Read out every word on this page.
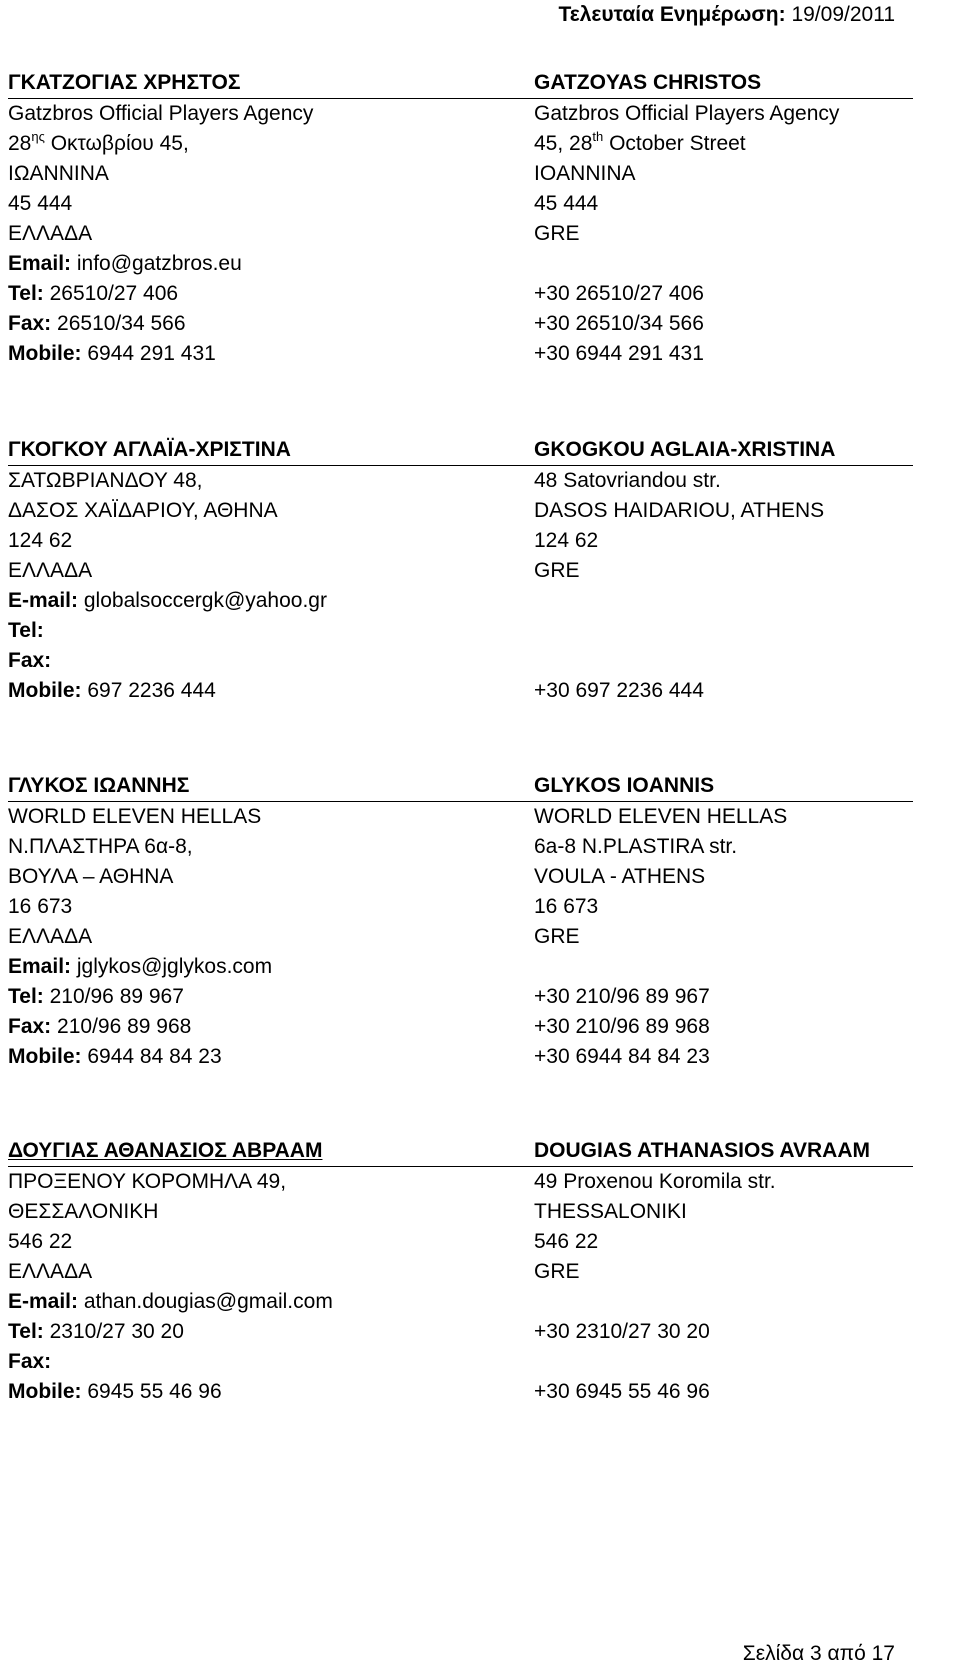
Τελευταία Ενημέρωση: 19/09/2011
ΓΚΑΤΖΟΓΙΑΣ ΧΡΗΣΤΟΣ	GATZOYAS CHRISTOS
Gatzbros Official Players Agency	Gatzbros Official Players Agency
$28^{\eta\varsigma}$ Οκτωβρίου 45,	45, 28th October Street
ΙΩΑΝΝΙΝΑ	IOANNINA
45 444	45 444
ΕΛΛΑΔΑ	GRE
Email: info@gatzbros.eu
Tel: 26510/27 406	+30 26510/27 406
Fax: 26510/34 566	+30 26510/34 566
Mobile: 6944 291 431	+30 6944 291 431
ΓΚΟΓΚΟΥ ΑΓΛΑΪΑ-ΧΡΙΣΤΙΝΑ	GKOGKOU AGLAIA-XRISTINA
ΣΑΤΩΒΡΙΑΝΔΟΥ 48,	48 Satovriandou str.
ΔΑΣΟΣ ΧΑΪΔΑΡΙΟΥ, ΑΘΗΝΑ	DASOS HAIDARIOU, ATHENS
124 62	124 62
ΕΛΛΑΔΑ	GRE
E-mail: globalsoccergk@yahoo.gr
Tel:
Fax:
Mobile: 697 2236 444	+30 697 2236 444
ΓΛΥΚΟΣ ΙΩΑΝΝΗΣ	GLYKOS IOANNIS
WORLD ELEVEN HELLAS	WORLD ELEVEN HELLAS
Ν.ΠΛΑΣΤΗΡΑ 6α-8,	6a-8 N.PLASTIRA str.
ΒΟΥΛΑ – ΑΘΗΝΑ	VOULA - ATHENS
16 673	16 673
ΕΛΛΑΔΑ	GRE
Email: jglykos@jglykos.com
Tel: 210/96 89 967	+30 210/96 89 967
Fax: 210/96 89 968	+30 210/96 89 968
Mobile: 6944 84 84 23	+30 6944 84 84 23
ΔΟΥΓΙΑΣ ΑΘΑΝΑΣΙΟΣ ΑΒΡΑΑΜ	DOUGIAS ATHANASIOS AVRAAM
ΠΡΟΞΕΝΟΥ ΚΟΡΟΜΗΛΑ 49,	49 Proxenou Koromila str.
ΘΕΣΣΑΛΟΝΙΚΗ	THESSALONIKI
546 22	546 22
ΕΛΛΑΔΑ	GRE
E-mail: athan.dougias@gmail.com
Tel: 2310/27 30 20	+30 2310/27 30 20
Fax:
Mobile: 6945 55 46 96	+30 6945 55 46 96
Σελίδα 3 από 17
